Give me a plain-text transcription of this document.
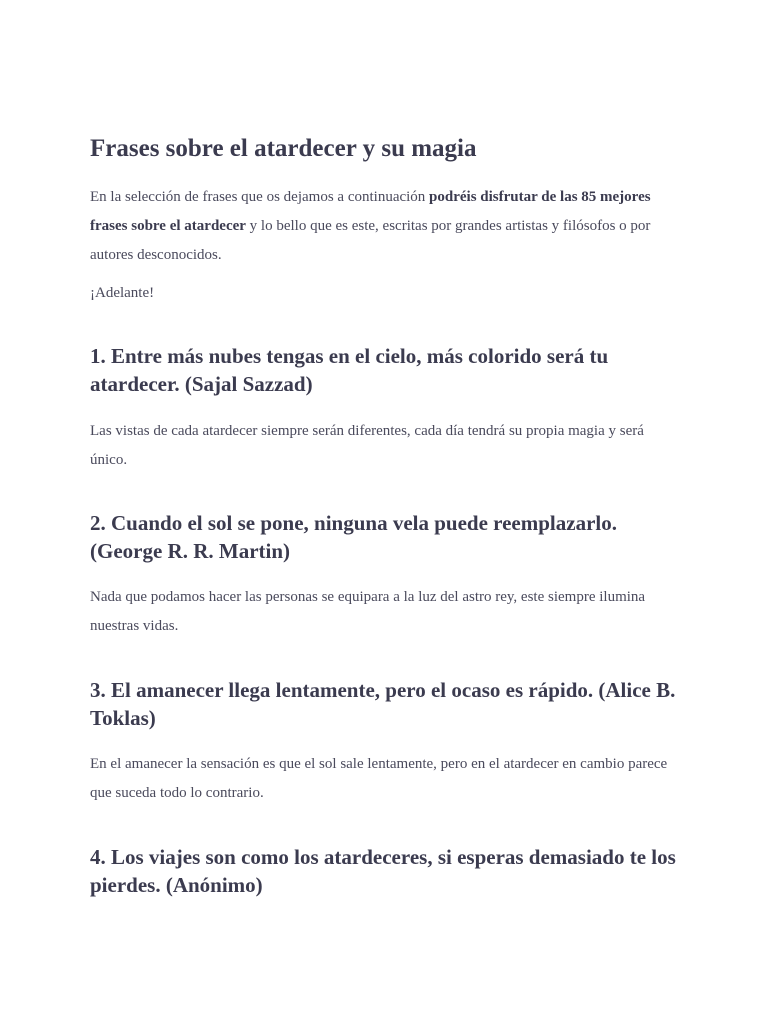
Frases sobre el atardecer y su magia

En la selección de frases que os dejamos a continuación podréis disfrutar de las 85 mejores frases sobre el atardecer y lo bello que es este, escritas por grandes artistas y filósofos o por autores desconocidos.

¡Adelante!

1. Entre más nubes tengas en el cielo, más colorido será tu atardecer. (Sajal Sazzad)

Las vistas de cada atardecer siempre serán diferentes, cada día tendrá su propia magia y será único.

2. Cuando el sol se pone, ninguna vela puede reemplazarlo. (George R. R. Martin)

Nada que podamos hacer las personas se equipara a la luz del astro rey, este siempre ilumina nuestras vidas.

3. El amanecer llega lentamente, pero el ocaso es rápido. (Alice B. Toklas)

En el amanecer la sensación es que el sol sale lentamente, pero en el atardecer en cambio parece que suceda todo lo contrario.

4. Los viajes son como los atardeceres, si esperas demasiado te los pierdes. (Anónimo)
